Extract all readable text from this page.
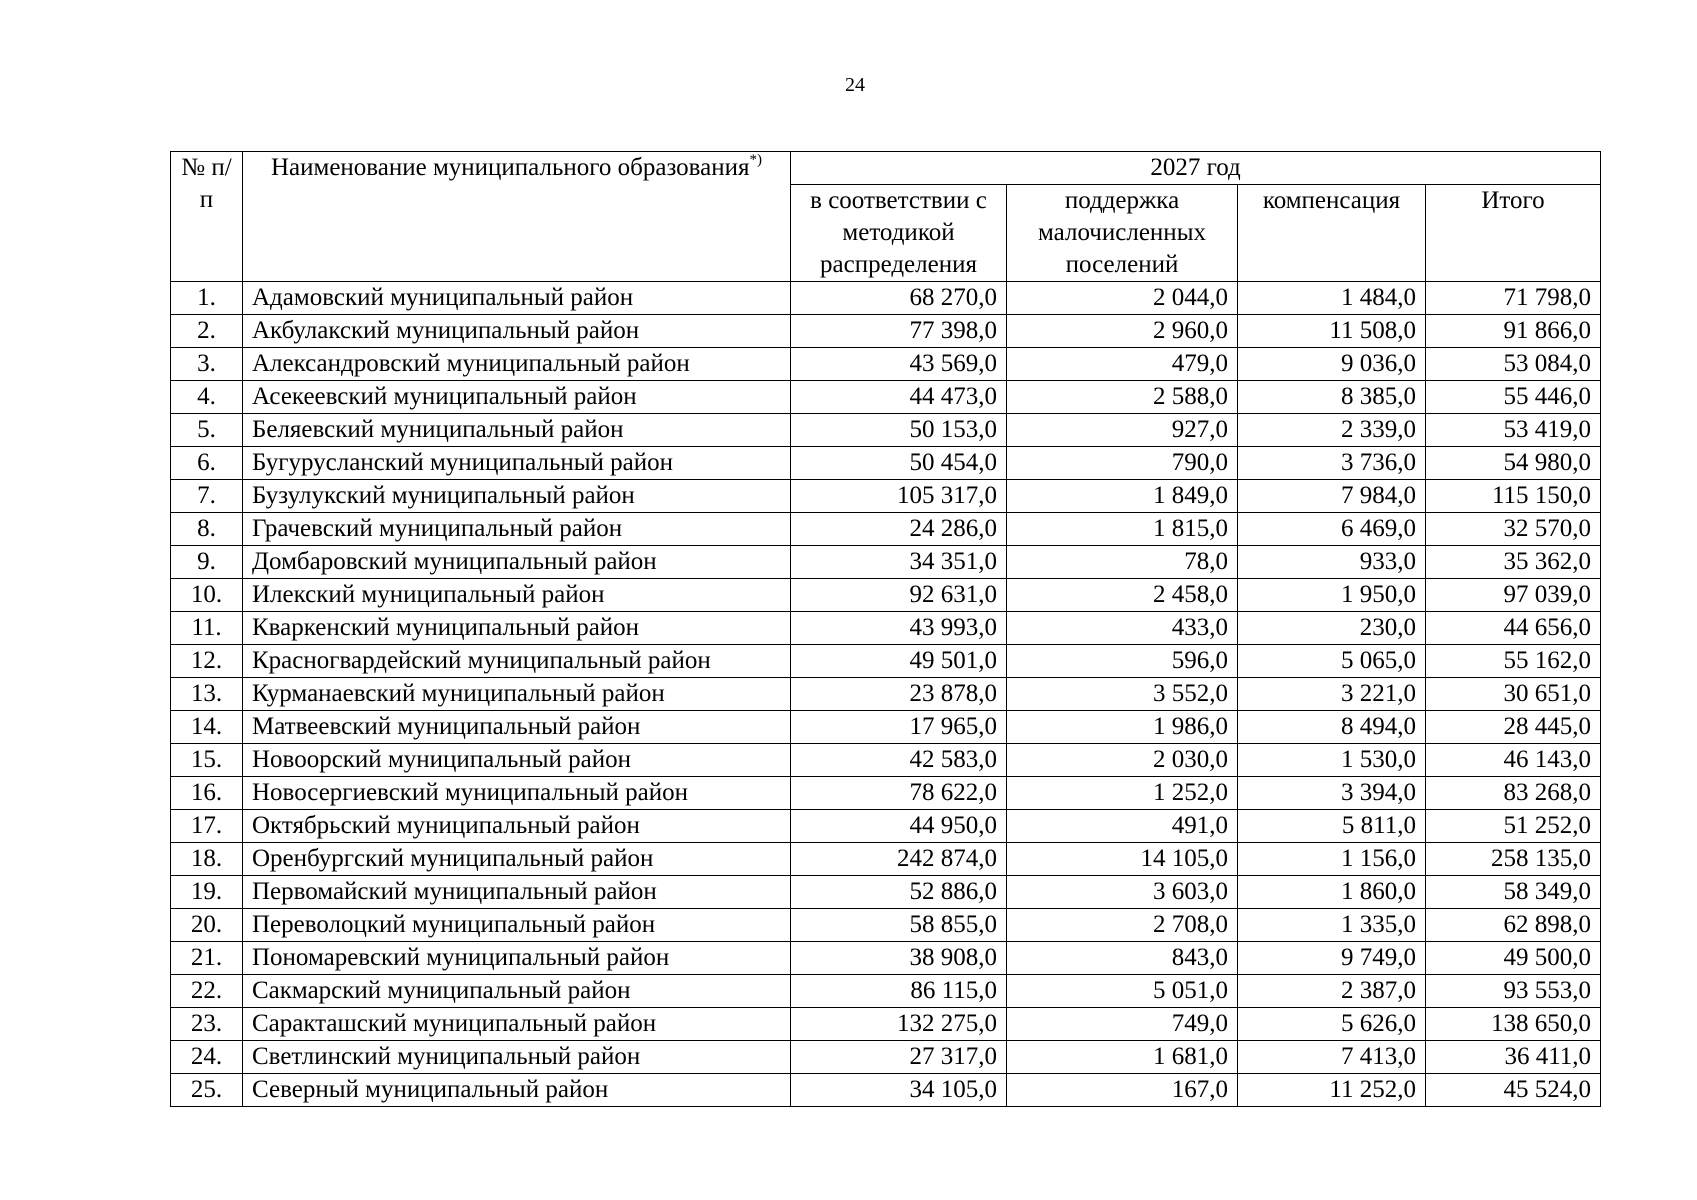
24
№ п/п	Наименование муниципального образования*)	2027 год			
		в соответствии с методикой распределения	поддержка малочисленных поселений	компенсация	Итого
1.	Адамовский муниципальный район	68 270,0	2 044,0	1 484,0	71 798,0
2.	Акбулакский муниципальный район	77 398,0	2 960,0	11 508,0	91 866,0
3.	Александровский муниципальный район	43 569,0	479,0	9 036,0	53 084,0
4.	Асекеевский муниципальный район	44 473,0	2 588,0	8 385,0	55 446,0
5.	Беляевский муниципальный район	50 153,0	927,0	2 339,0	53 419,0
6.	Бугурусланский муниципальный район	50 454,0	790,0	3 736,0	54 980,0
7.	Бузулукский муниципальный район	105 317,0	1 849,0	7 984,0	115 150,0
8.	Грачевский муниципальный район	24 286,0	1 815,0	6 469,0	32 570,0
9.	Домбаровский муниципальный район	34 351,0	78,0	933,0	35 362,0
10.	Илекский муниципальный район	92 631,0	2 458,0	1 950,0	97 039,0
11.	Кваркенский муниципальный район	43 993,0	433,0	230,0	44 656,0
12.	Красногвардейский муниципальный район	49 501,0	596,0	5 065,0	55 162,0
13.	Курманаевский муниципальный район	23 878,0	3 552,0	3 221,0	30 651,0
14.	Матвеевский муниципальный район	17 965,0	1 986,0	8 494,0	28 445,0
15.	Новоорский муниципальный район	42 583,0	2 030,0	1 530,0	46 143,0
16.	Новосергиевский муниципальный район	78 622,0	1 252,0	3 394,0	83 268,0
17.	Октябрьский муниципальный район	44 950,0	491,0	5 811,0	51 252,0
18.	Оренбургский муниципальный район	242 874,0	14 105,0	1 156,0	258 135,0
19.	Первомайский муниципальный район	52 886,0	3 603,0	1 860,0	58 349,0
20.	Переволоцкий муниципальный район	58 855,0	2 708,0	1 335,0	62 898,0
21.	Пономаревский муниципальный район	38 908,0	843,0	9 749,0	49 500,0
22.	Сакмарский муниципальный район	86 115,0	5 051,0	2 387,0	93 553,0
23.	Саракташский муниципальный район	132 275,0	749,0	5 626,0	138 650,0
24.	Светлинский муниципальный район	27 317,0	1 681,0	7 413,0	36 411,0
25.	Северный муниципальный район	34 105,0	167,0	11 252,0	45 524,0
